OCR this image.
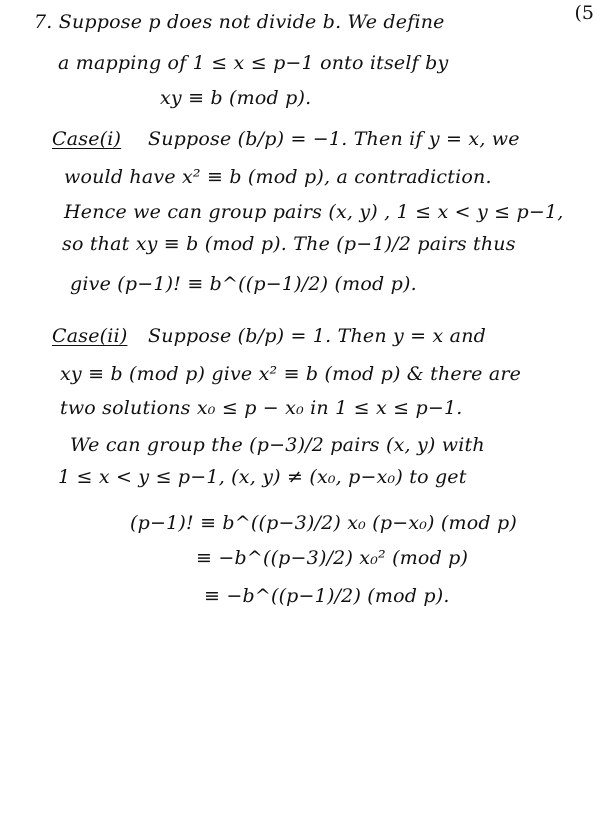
(5
7. Suppose p does not divide b. We define
a mapping of 1 ≤ x ≤ p−1 onto itself by
xy ≡ b (mod p).
Case(i) Suppose (b/p) = −1. Then if y = x, we
would have x² ≡ b (mod p), a contradiction.
Hence we can group pairs (x, y) , 1 ≤ x < y ≤ p−1,
so that xy ≡ b (mod p). The (p−1)/2 pairs thus
give (p−1)! ≡ b^((p−1)/2) (mod p).
Case(ii) Suppose (b/p) = 1. Then y = x and
xy ≡ b (mod p) give x² ≡ b (mod p) & there are
two solutions x₀ ≤ p − x₀ in 1 ≤ x ≤ p−1.
We can group the (p−3)/2 pairs (x, y) with
1 ≤ x < y ≤ p−1, (x, y) ≠ (x₀, p−x₀) to get
(p−1)! ≡ b^((p−3)/2) x₀ (p−x₀) (mod p)
≡ −b^((p−3)/2) x₀² (mod p)
≡ −b^((p−1)/2) (mod p).
